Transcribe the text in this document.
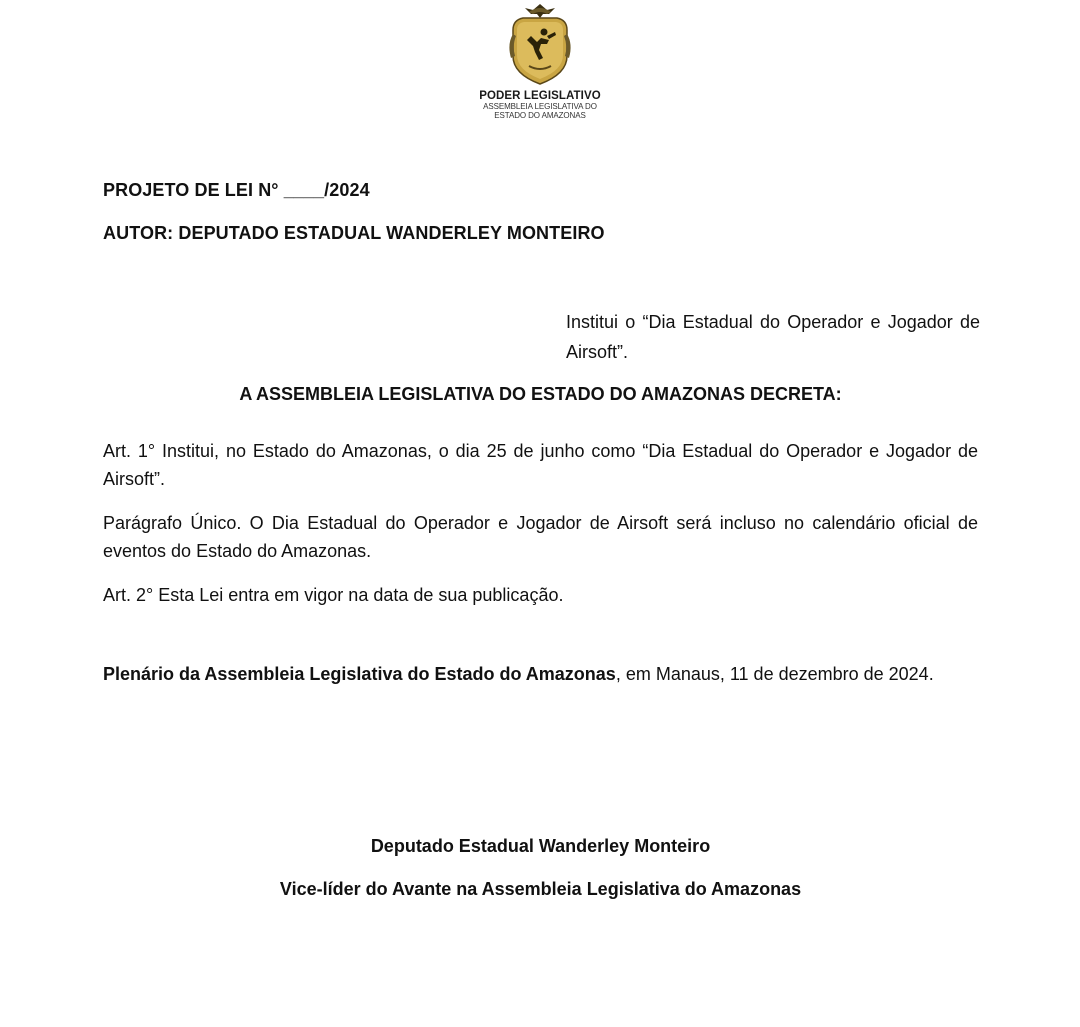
PODER LEGISLATIVO
ASSEMBLEIA LEGISLATIVA DO
ESTADO DO AMAZONAS
PROJETO DE LEI N° ____/2024
AUTOR: DEPUTADO ESTADUAL WANDERLEY MONTEIRO
Institui o “Dia Estadual do Operador e Jogador de Airsoft”.
A ASSEMBLEIA LEGISLATIVA DO ESTADO DO AMAZONAS DECRETA:
Art. 1° Institui, no Estado do Amazonas, o dia 25 de junho como “Dia Estadual do Operador e Jogador de Airsoft”.
Parágrafo Único. O Dia Estadual do Operador e Jogador de Airsoft será incluso no calendário oficial de eventos do Estado do Amazonas.
Art. 2° Esta Lei entra em vigor na data de sua publicação.
Plenário da Assembleia Legislativa do Estado do Amazonas, em Manaus, 11 de dezembro de 2024.
Deputado Estadual Wanderley Monteiro
Vice-líder do Avante na Assembleia Legislativa do Amazonas
